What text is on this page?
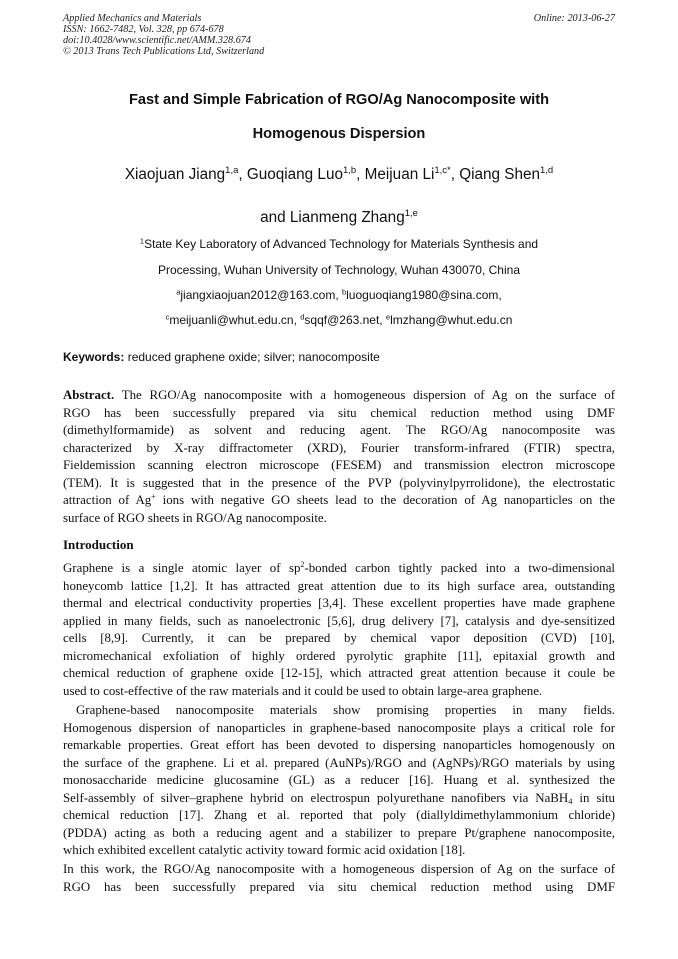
Applied Mechanics and Materials
ISSN: 1662-7482, Vol. 328, pp 674-678
doi:10.4028/www.scientific.net/AMM.328.674
© 2013 Trans Tech Publications Ltd, Switzerland
Online: 2013-06-27
Fast and Simple Fabrication of RGO/Ag Nanocomposite with
Homogenous Dispersion
Xiaojuan Jiang$^{1,a}$, Guoqiang Luo$^{1,b}$, Meijuan $Li^{1,c*}$, Qiang Shen$^{1,d}$
and Lianmeng Zhang$^{1,e}$
$^1$State Key Laboratory of Advanced Technology for Materials Synthesis and
Processing, Wuhan University of Technology, Wuhan 430070, China
$^a$jiangxiaojuan2012@163.com, $^b$luoguoqiang1980@sina.com,
$^c$meijuanli@whut.edu.cn, $^d$sqqf@263.net, $^e$lmzhang@whut.edu.cn
Keywords: reduced graphene oxide; silver; nanocomposite
Abstract. The RGO/Ag nanocomposite with a homogeneous dispersion of Ag on the surface of
RGO has been successfully prepared via situ chemical reduction method using DMF
(dimethylformamide) as solvent and reducing agent. The RGO/Ag nanocomposite was
characterized by X-ray diffractometer (XRD), Fourier transform-infrared (FTIR) spectra,
Fieldemission scanning electron microscope (FESEM) and transmission electron microscope
(TEM). It is suggested that in the presence of the PVP (polyvinylpyrrolidone), the electrostatic
attraction of Ag+ ions with negative GO sheets lead to the decoration of Ag nanoparticles on the
surface of RGO sheets in RGO/Ag nanocomposite.
Introduction
Graphene is a single atomic layer of $sp^2$-bonded carbon tightly packed into a two-dimensional
honeycomb lattice [1,2]. It has attracted great attention due to its high surface area, outstanding
thermal and electrical conductivity properties [3,4]. These excellent properties have made graphene
applied in many fields, such as nanoelectronic [5,6], drug delivery [7], catalysis and dye-sensitized
cells [8,9]. Currently, it can be prepared by chemical vapor deposition (CVD) [10],
micromechanical exfoliation of highly ordered pyrolytic graphite [11], epitaxial growth and
chemical reduction of graphene oxide [12-15], which attracted great attention because it coule be
used to cost-effective of the raw materials and it could be used to obtain large-area graphene.
Graphene-based nanocomposite materials show promising properties in many fields.
Homogenous dispersion of nanoparticles in graphene-based nanocomposite plays a critical role for
remarkable properties. Great effort has been devoted to dispersing nanoparticles homogenously on
the surface of the graphene. Li et al. prepared (AuNPs)/RGO and (AgNPs)/RGO materials by using
monosaccharide medicine glucosamine (GL) as a reducer [16]. Huang et al. synthesized the
Self-assembly of silver–graphene hybrid on electrospun polyurethane nanofibers via NaBH$_4$ in situ
chemical reduction [17]. Zhang et al. reported that poly (diallyldimethylammonium chloride)
(PDDA) acting as both a reducing agent and a stabilizer to prepare Pt/graphene nanocomposite,
which exhibited excellent catalytic activity toward formic acid oxidation [18].
In this work, the RGO/Ag nanocomposite with a homogeneous dispersion of Ag on the surface of
RGO has been successfully prepared via situ chemical reduction method using DMF
